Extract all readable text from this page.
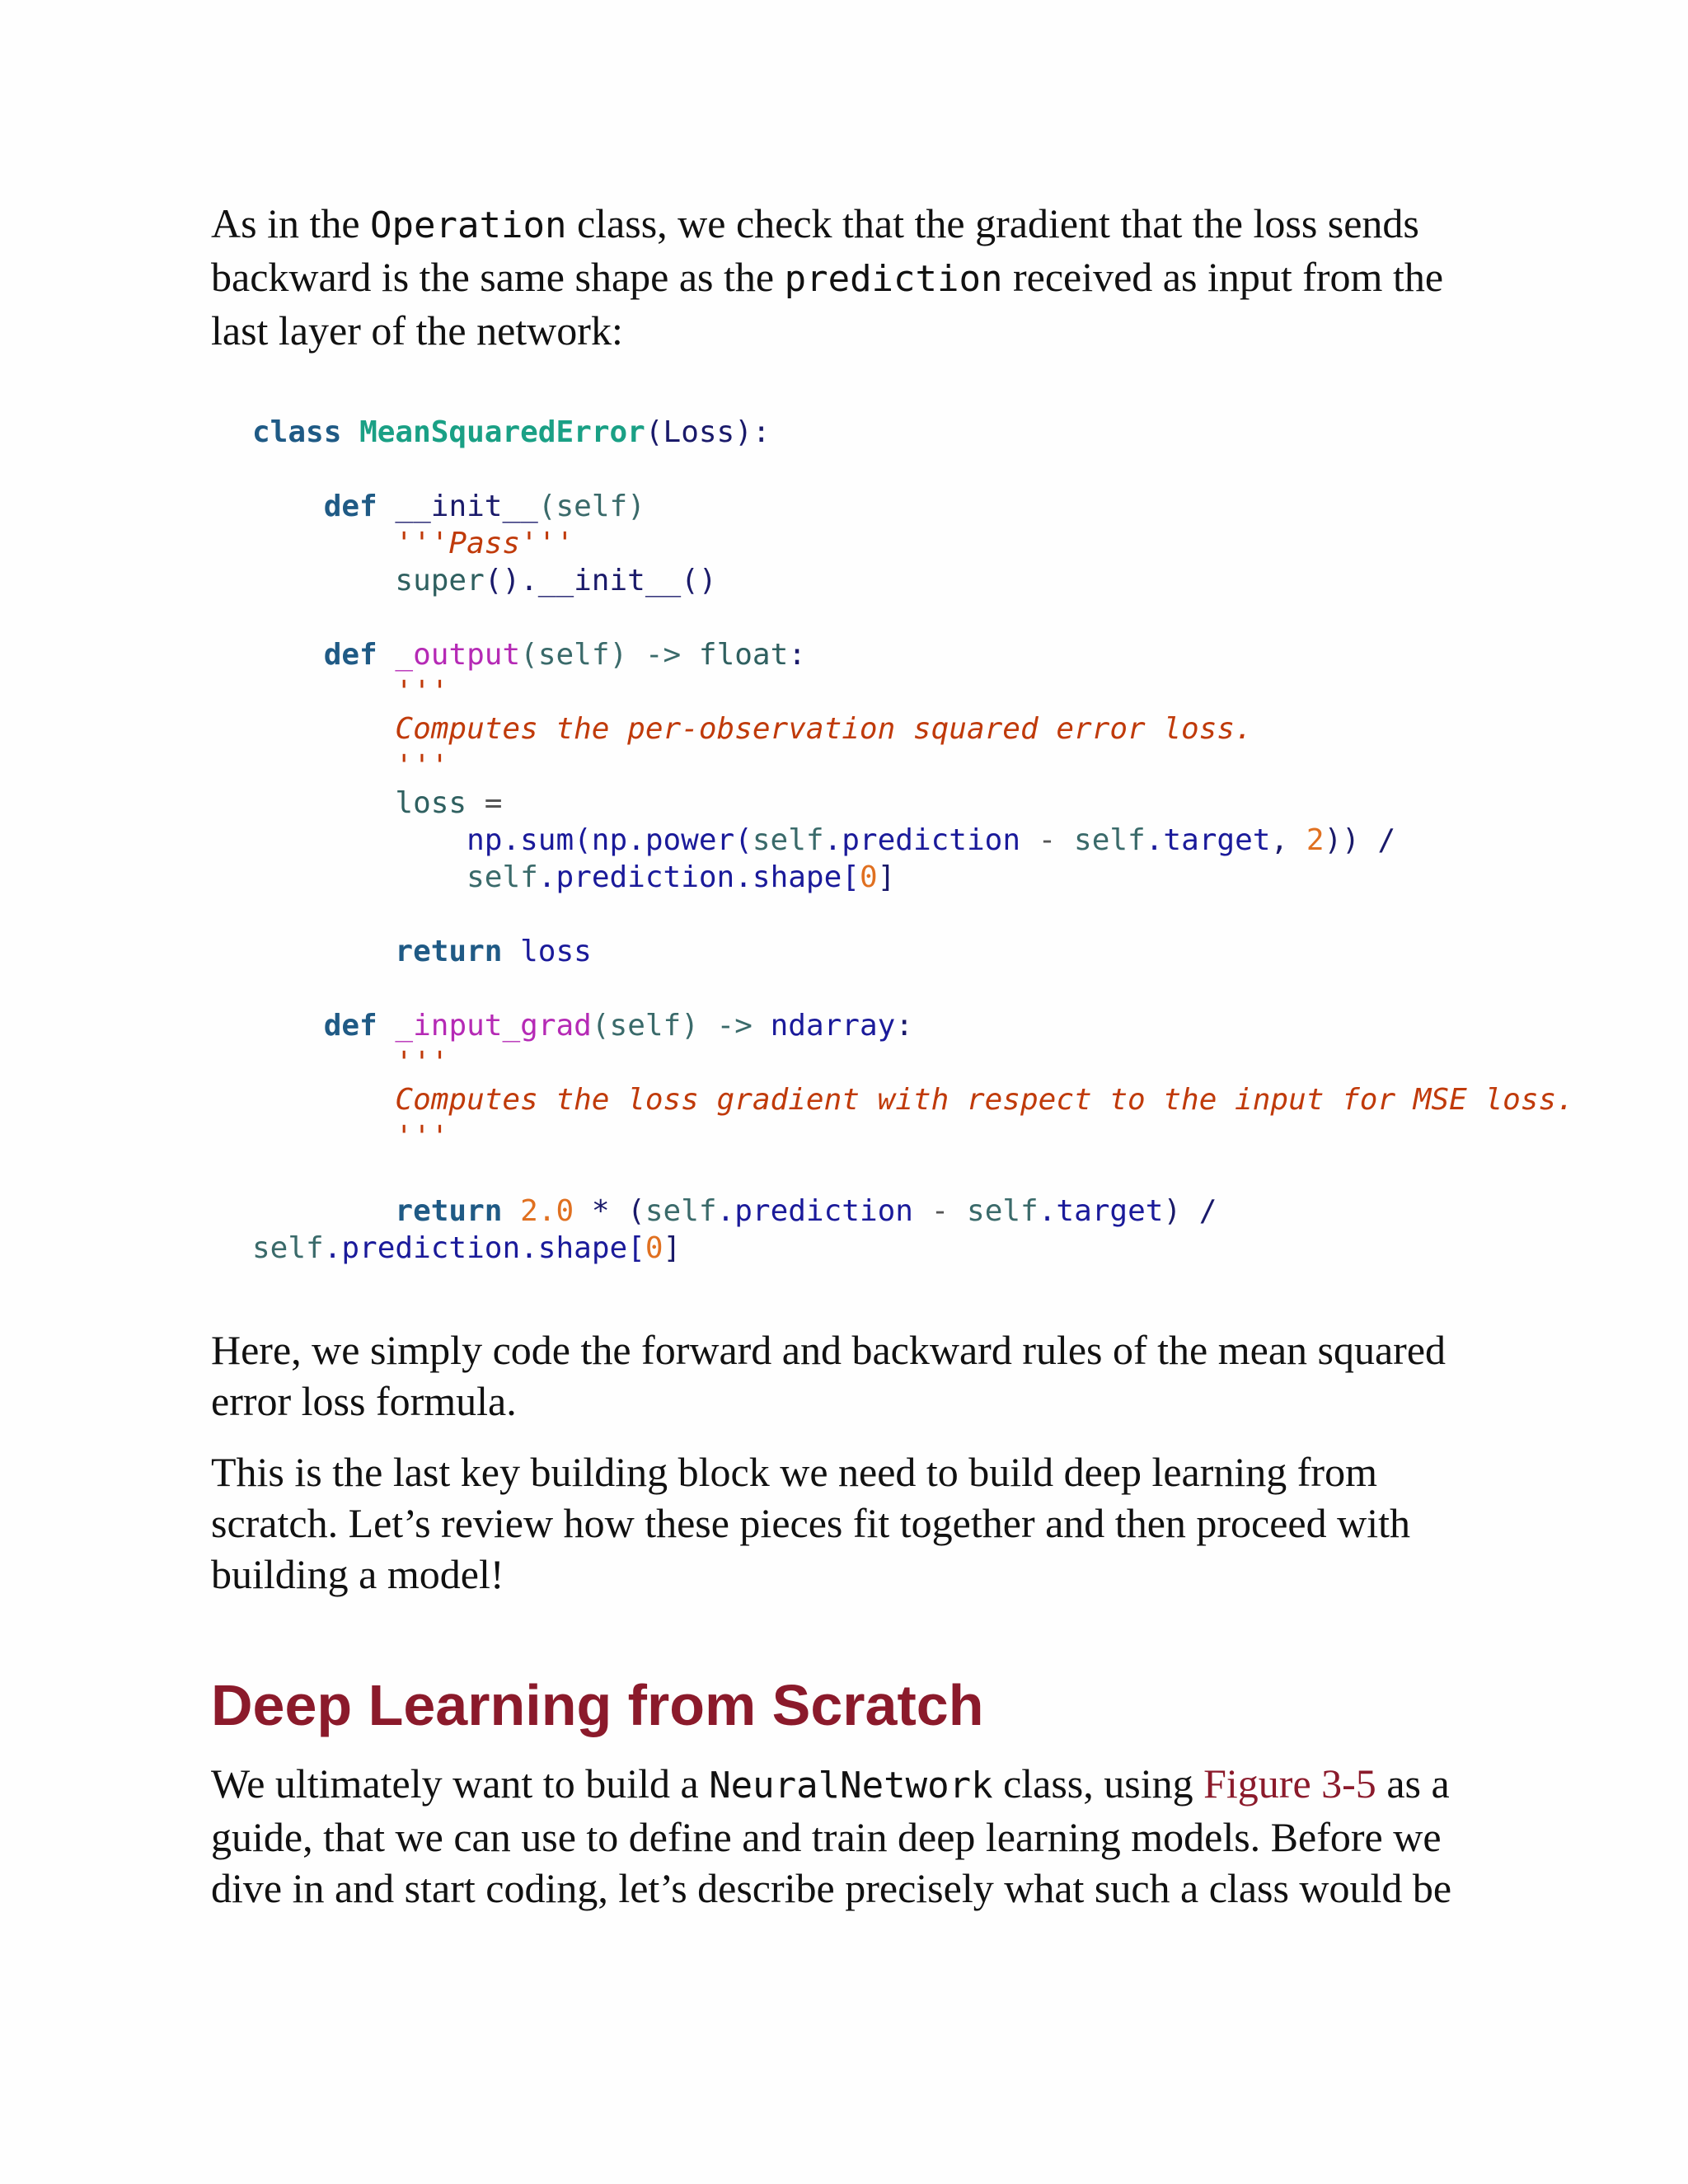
As in the Operation class, we check that the gradient that the loss sends backward is the same shape as the prediction received as input from the last layer of the network:

class MeanSquaredError(Loss):

def __init__(self)
'''Pass'''
super().__init__()

def _output(self) -> float:
'''
Computes the per-observation squared error loss.
'''
loss =
np.sum(np.power(self.prediction - self.target, 2)) /
self.prediction.shape[0]

return loss

def _input_grad(self) -> ndarray:
'''
Computes the loss gradient with respect to the input for MSE loss.
'''

return 2.0 * (self.prediction - self.target) /
self.prediction.shape[0]

Here, we simply code the forward and backward rules of the mean squared error loss formula.

This is the last key building block we need to build deep learning from scratch. Let’s review how these pieces fit together and then proceed with building a model!

Deep Learning from Scratch

We ultimately want to build a NeuralNetwork class, using Figure 3-5 as a guide, that we can use to define and train deep learning models. Before we dive in and start coding, let’s describe precisely what such a class would be
